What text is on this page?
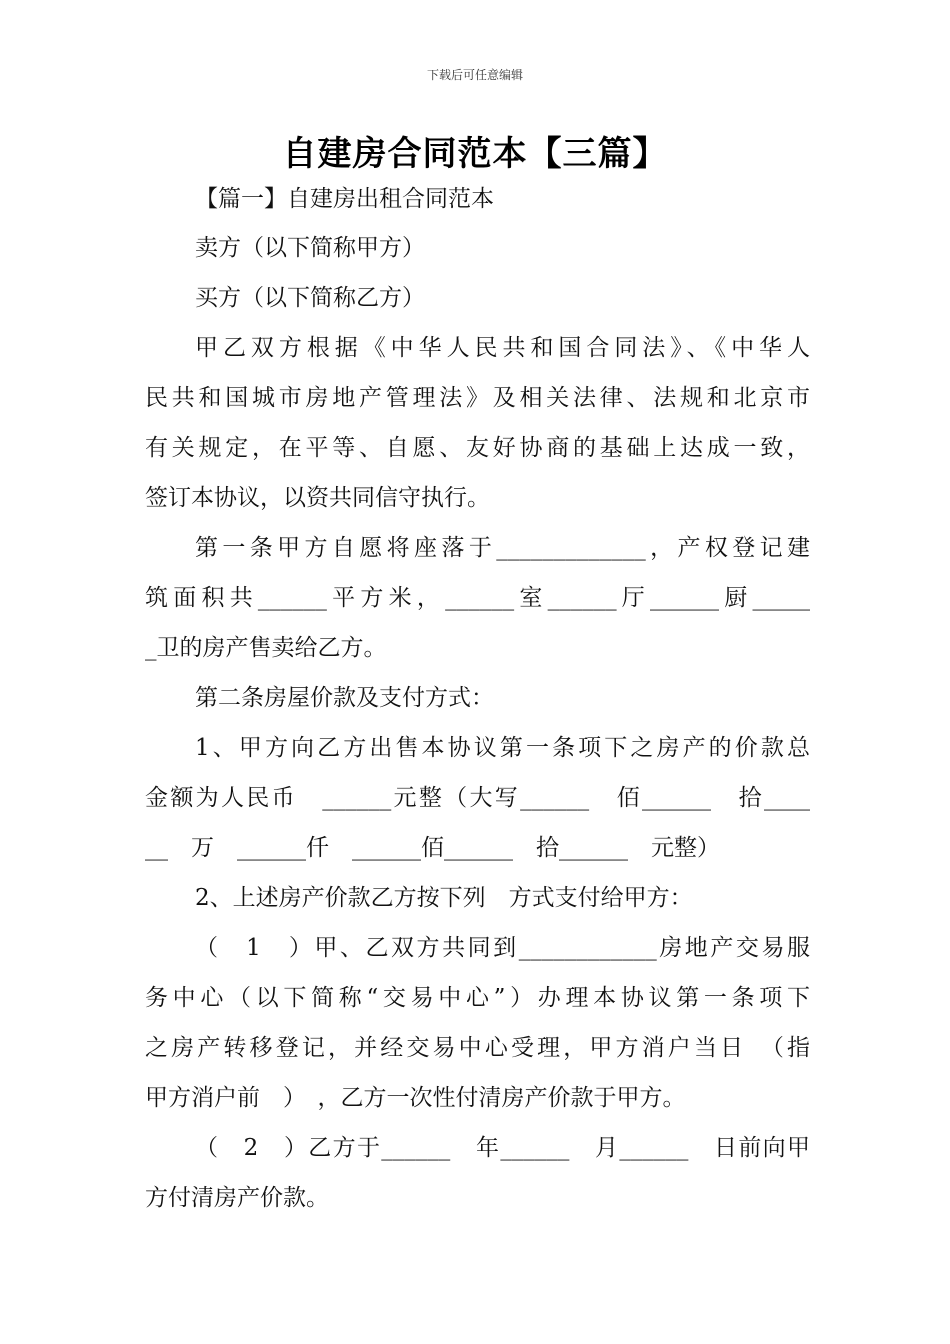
下载后可任意编辑
自建房合同范本【三篇】
【篇一】自建房出租合同范本
卖方（以下简称甲方）
买方（以下简称乙方）
甲乙双方根据《中华人民共和国合同法》、《中华人
民共和国城市房地产管理法》及相关法律、法规和北京市
有关规定，在平等、自愿、友好协商的基础上达成一致，
签订本协议，以资共同信守执行。
第一条甲方自愿将座落于_____________，产权登记建
筑面积共______平方米，______室______厅______厨_____
_卫的房产售卖给乙方。
第二条房屋价款及支付方式：
1、甲方向乙方出售本协议第一条项下之房产的价款总
金额为人民币　______元整（大写______　佰______　拾____
__　万　______仟　______佰______　拾______　元整）
2、上述房产价款乙方按下列　方式支付给甲方：
（　1　）甲、乙双方共同到____________房地产交易服
务中心（以下简称“交易中心”）办理本协议第一条项下
之房产转移登记，并经交易中心受理，甲方消户当日　（指
甲方消户前　）　，乙方一次性付清房产价款于甲方。
（　2　）乙方于______　年______　月______　日前向甲
方付清房产价款。
